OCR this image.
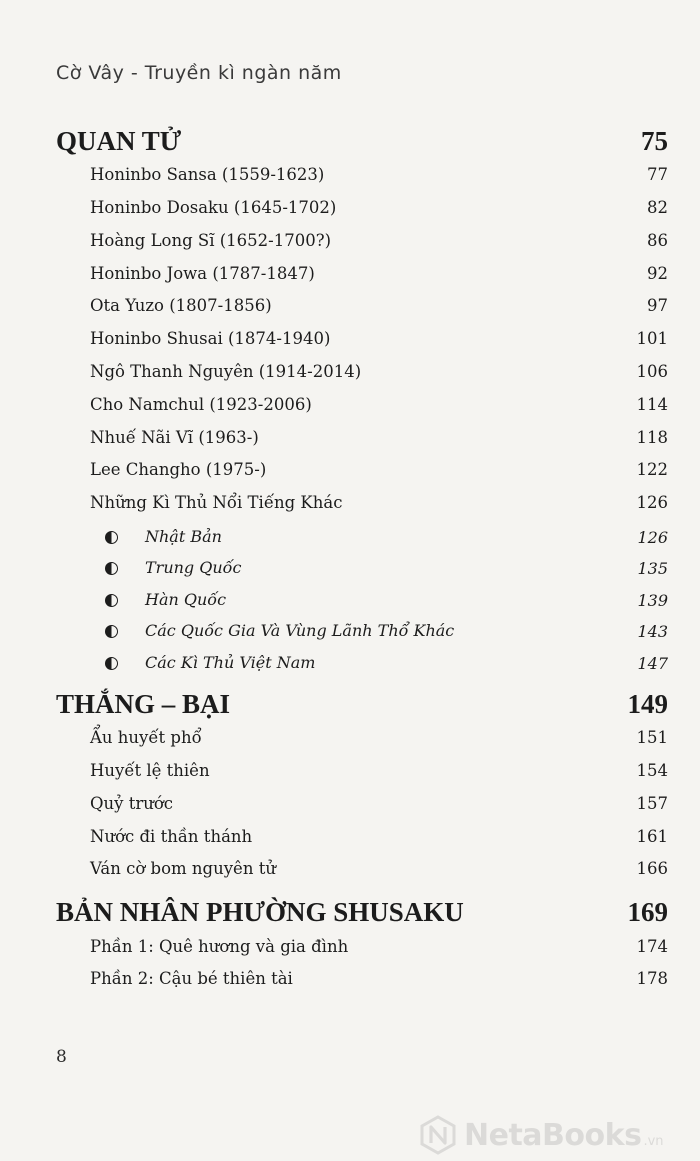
Cờ Vây - Truyền kì ngàn năm
QUAN TỬ	75
Honinbo Sansa (1559-1623)	77
Honinbo Dosaku (1645-1702)	82
Hoàng Long Sĩ (1652-1700?)	86
Honinbo Jowa (1787-1847)	92
Ota Yuzo (1807-1856)	97
Honinbo Shusai (1874-1940)	101
Ngô Thanh Nguyên (1914-2014)	106
Cho Namchul (1923-2006)	114
Nhuế Nãi Vĩ (1963-)	118
Lee Changho (1975-)	122
Những Kì Thủ Nổi Tiếng Khác	126
Nhật Bản	126
Trung Quốc	135
Hàn Quốc	139
Các Quốc Gia Và Vùng Lãnh Thổ Khác	143
Các Kì Thủ Việt Nam	147
THẮNG – BẠI	149
Ẩu huyết phổ	151
Huyết lệ thiên	154
Quỷ trước	157
Nước đi thần thánh	161
Ván cờ bom nguyên tử	166
BẢN NHÂN PHƯỜNG SHUSAKU	169
Phần 1: Quê hương và gia đình	174
Phần 2: Cậu bé thiên tài	178
8
NetaBooks .vn
